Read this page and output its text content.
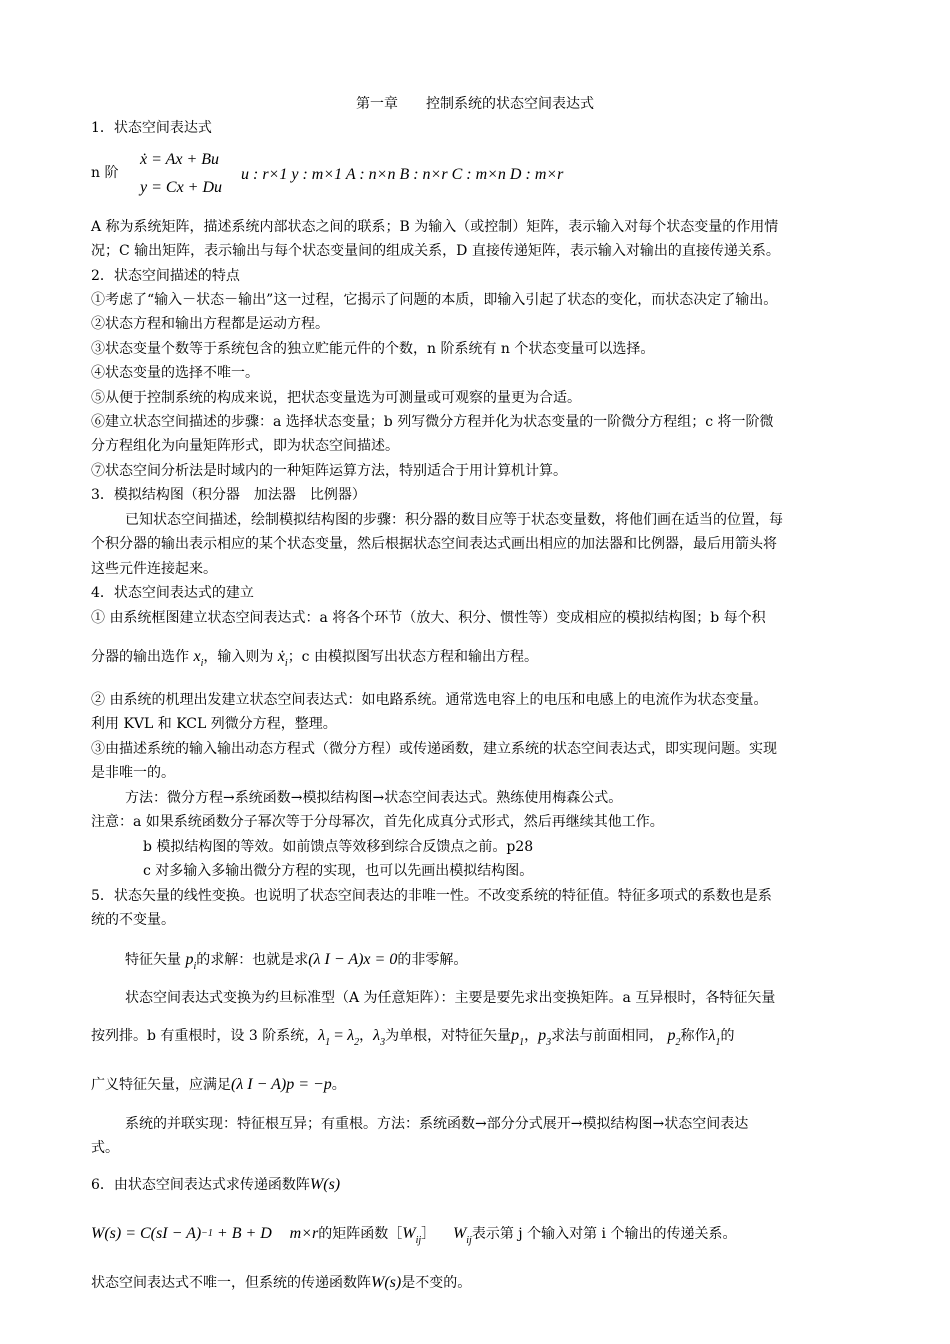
第一章 控制系统的状态空间表达式
1．状态空间表达式
n 阶
ẋ = Ax + Bu
y = Cx + Du
u : r×1 y : m×1 A : n×n B : n×r C : m×n D : m×r
A 称为系统矩阵，描述系统内部状态之间的联系；B 为输入（或控制）矩阵，表示输入对每个状态变量的作用情
况；C 输出矩阵，表示输出与每个状态变量间的组成关系，D 直接传递矩阵，表示输入对输出的直接传递关系。
2．状态空间描述的特点
①考虑了“输入－状态－输出”这一过程，它揭示了问题的本质，即输入引起了状态的变化，而状态决定了输出。
②状态方程和输出方程都是运动方程。
③状态变量个数等于系统包含的独立贮能元件的个数，n 阶系统有 n 个状态变量可以选择。
④状态变量的选择不唯一。
⑤从便于控制系统的构成来说，把状态变量选为可测量或可观察的量更为合适。
⑥建立状态空间描述的步骤：a 选择状态变量；b 列写微分方程并化为状态变量的一阶微分方程组；c 将一阶微
分方程组化为向量矩阵形式，即为状态空间描述。
⑦状态空间分析法是时域内的一种矩阵运算方法，特别适合于用计算机计算。
3．模拟结构图（积分器　加法器　比例器）
已知状态空间描述，绘制模拟结构图的步骤：积分器的数目应等于状态变量数，将他们画在适当的位置，每
个积分器的输出表示相应的某个状态变量，然后根据状态空间表达式画出相应的加法器和比例器，最后用箭头将
这些元件连接起来。
4．状态空间表达式的建立
① 由系统框图建立状态空间表达式：a 将各个环节（放大、积分、惯性等）变成相应的模拟结构图；b 每个积
分器的输出选作 $x_i$，输入则为 ẋ$_i$；c 由模拟图写出状态方程和输出方程。
② 由系统的机理出发建立状态空间表达式：如电路系统。通常选电容上的电压和电感上的电流作为状态变量。
利用 KVL 和 KCL 列微分方程，整理。
③由描述系统的输入输出动态方程式（微分方程）或传递函数，建立系统的状态空间表达式，即实现问题。实现
是非唯一的。
方法：微分方程→系统函数→模拟结构图→状态空间表达式。熟练使用梅森公式。
注意：a 如果系统函数分子幂次等于分母幂次，首先化成真分式形式，然后再继续其他工作。
b 模拟结构图的等效。如前馈点等效移到综合反馈点之前。p28
c 对多输入多输出微分方程的实现，也可以先画出模拟结构图。
5．状态矢量的线性变换。也说明了状态空间表达的非唯一性。不改变系统的特征值。特征多项式的系数也是系
统的不变量。
特征矢量 $p_i$的求解：也就是求(λ I − A)x = 0的非零解。
状态空间表达式变换为约旦标准型（A 为任意矩阵）：主要是要先求出变换矩阵。a 互异根时，各特征矢量
按列排。b 有重根时，设 3 阶系统，$\lambda_1 = \lambda_2$，$\lambda_3$为单根，对特征矢量$p_1$，$p_3$求法与前面相同， $p_2$称作$\lambda_1$的
广义特征矢量，应满足(λ I − A)p = −p。
系统的并联实现：特征根互异；有重根。方法：系统函数→部分分式展开→模拟结构图→状态空间表达
式。
6．由状态空间表达式求传递函数阵W(s)
W(s) = C(sI − A)−1 + B + D m×r的矩阵函数$[W_{ij}]$ $W_{ij}$表示第 j 个输入对第 i 个输出的传递关系。
状态空间表达式不唯一，但系统的传递函数阵W(s)是不变的。
